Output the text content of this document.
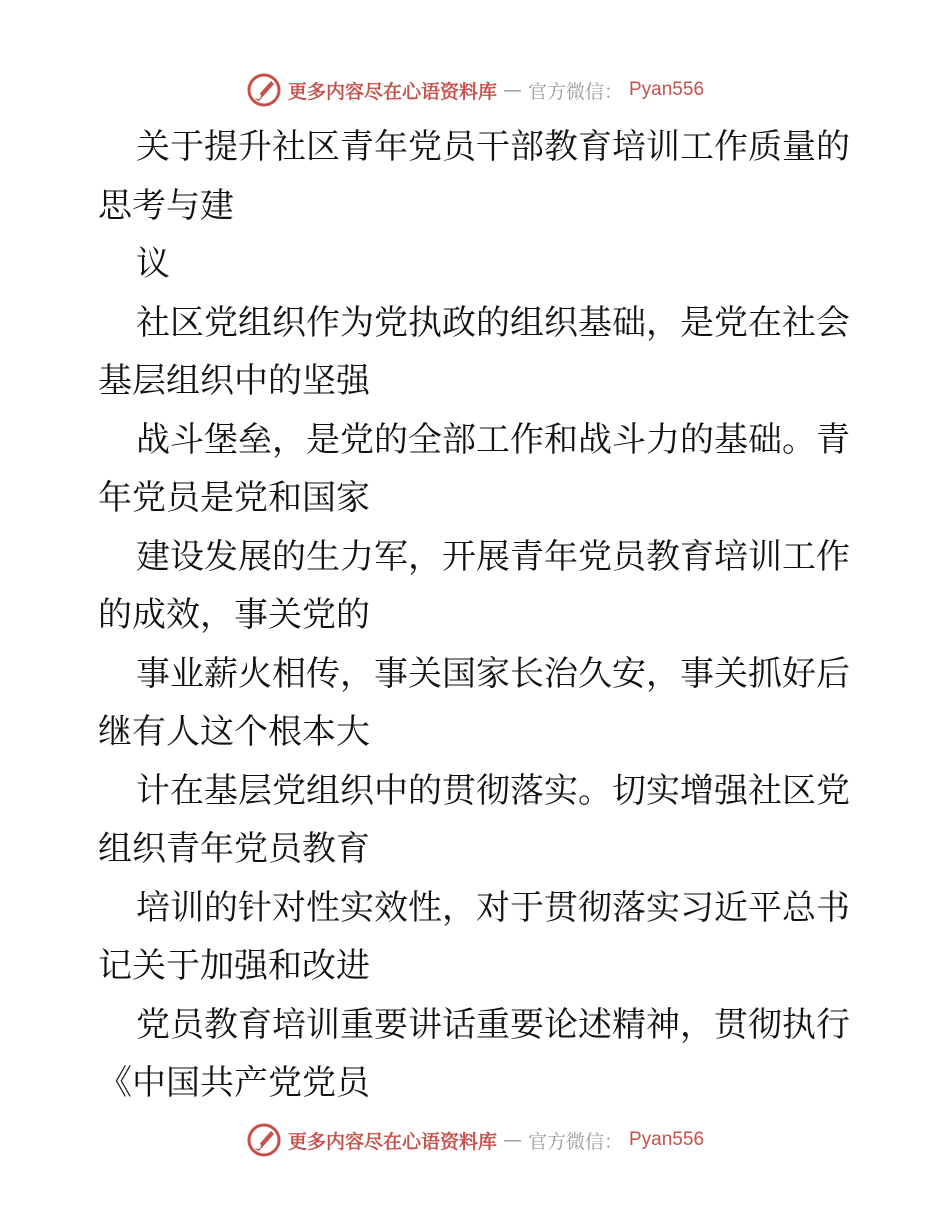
更多内容尽在心语资料库 — 官方微信： Pyan556
关于提升社区青年党员干部教育培训工作质量的
思考与建
议
社区党组织作为党执政的组织基础，是党在社会
基层组织中的坚强
战斗堡垒，是党的全部工作和战斗力的基础。青
年党员是党和国家
建设发展的生力军，开展青年党员教育培训工作
的成效，事关党的
事业薪火相传，事关国家长治久安，事关抓好后
继有人这个根本大
计在基层党组织中的贯彻落实。切实增强社区党
组织青年党员教育
培训的针对性实效性，对于贯彻落实习近平总书
记关于加强和改进
党员教育培训重要讲话重要论述精神，贯彻执行
《中国共产党党员
更多内容尽在心语资料库 — 官方微信： Pyan556
